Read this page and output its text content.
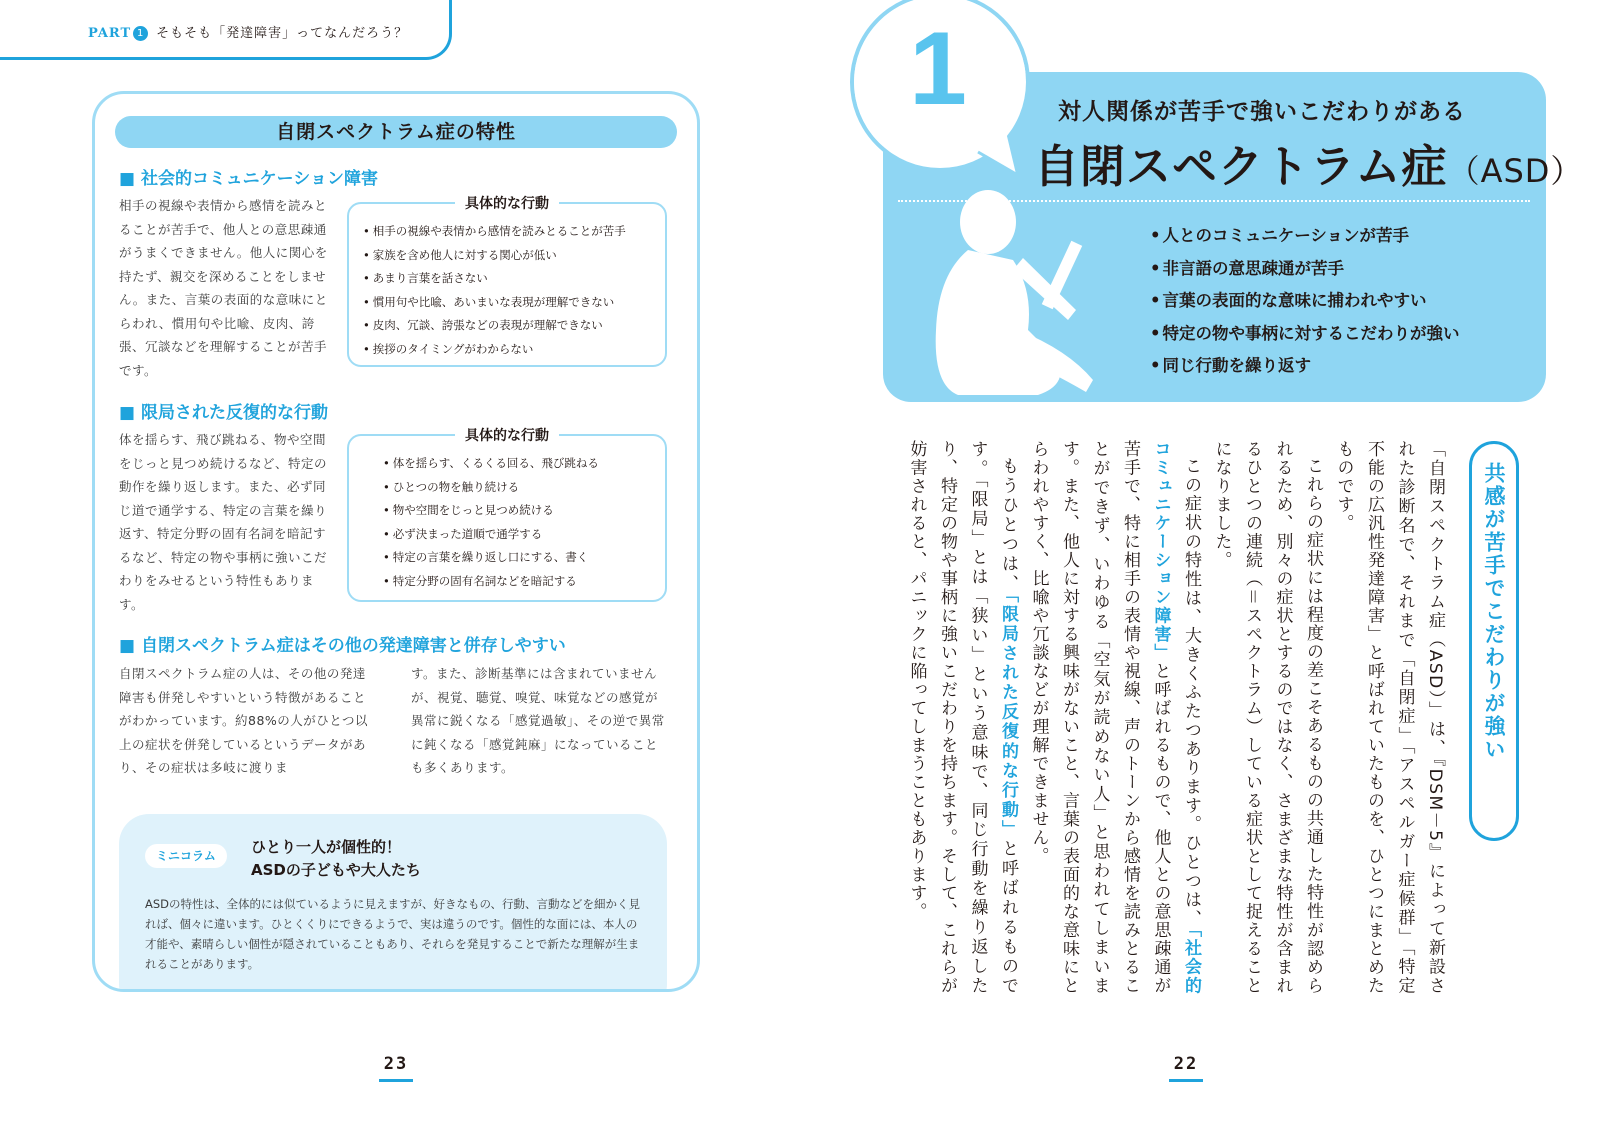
PART 1 そもそも「発達障害」ってなんだろう？
自閉スペクトラム症の特性
■ 社会的コミュニケーション障害
相手の視線や表情から感情を読みとることが苦手で、他人との意思疎通がうまくできません。他人に関心を持たず、親交を深めることをしません。また、言葉の表面的な意味にとらわれ、慣用句や比喩、皮肉、誇張、冗談などを理解することが苦手です。
具体的な行動
• 相手の視線や表情から感情を読みとることが苦手
• 家族を含め他人に対する関心が低い
• あまり言葉を話さない
• 慣用句や比喩、あいまいな表現が理解できない
• 皮肉、冗談、誇張などの表現が理解できない
• 挨拶のタイミングがわからない
■ 限局された反復的な行動
体を揺らす、飛び跳ねる、物や空間をじっと見つめ続けるなど、特定の動作を繰り返します。また、必ず同じ道で通学する、特定の言葉を繰り返す、特定分野の固有名詞を暗記するなど、特定の物や事柄に強いこだわりをみせるという特性もあります。
具体的な行動
• 体を揺らす、くるくる回る、飛び跳ねる
• ひとつの物を触り続ける
• 物や空間をじっと見つめ続ける
• 必ず決まった道順で通学する
• 特定の言葉を繰り返し口にする、書く
• 特定分野の固有名詞などを暗記する
■ 自閉スペクトラム症はその他の発達障害と併存しやすい
自閉スペクトラム症の人は、その他の発達障害も併発しやすいという特徴があることがわかっています。約88%の人がひとつ以上の症状を併発しているというデータがあり、その症状は多岐に渡りま
す。また、診断基準には含まれていませんが、視覚、聴覚、嗅覚、味覚などの感覚が異常に鋭くなる「感覚過敏」、その逆で異常に鈍くなる「感覚鈍麻」になっていることも多くあります。
ミニコラム	ひとり一人が個性的！
ASDの子どもや大人たち
ASDの特性は、全体的には似ているように見えますが、好きなもの、行動、言動などを細かく見れば、個々に違います。ひとくくりにできるようで、実は違うのです。個性的な面には、本人の才能や、素晴らしい個性が隠されていることもあり、それらを発見することで新たな理解が生まれることがあります。
23
1	対人関係が苦手で強いこだわりがある
自閉スペクトラム症（ASD）
• 人とのコミュニケーションが苦手
• 非言語の意思疎通が苦手
• 言葉の表面的な意味に捕われやすい
• 特定の物や事柄に対するこだわりが強い
• 同じ行動を繰り返す
共感が苦手でこだわりが強い

「自閉スペクトラム症（ASD）」は、『DSM－5』によって新設された診断名で、それまで「自閉症」「アスペルガー症候群」「特定不能の広汎性発達障害」と呼ばれていたものを、ひとつにまとめたものです。

これらの症状には程度の差こそあるものの共通した特性が認められるため、別々の症状とするのではなく、さまざまな特性が含まれるひとつの連続（＝スペクトラム）している症状として捉えることになりました。

この症状の特性は、大きくふたつあります。ひとつは、「社会的コミュニケーション障害」と呼ばれるもので、他人との意思疎通が苦手で、特に相手の表情や視線、声のトーンから感情を読みとることができず、いわゆる「空気が読めない人」と思われてしまいます。また、他人に対する興味がないこと、言葉の表面的な意味にとらわれやすく、比喩や冗談などが理解できません。

もうひとつは、「限局された反復的な行動」と呼ばれるものです。「限局」とは「狭い」という意味で、同じ行動を繰り返したり、特定の物や事柄に強いこだわりを持ちます。そして、これらが妨害されると、パニックに陥ってしまうこともあります。

22
